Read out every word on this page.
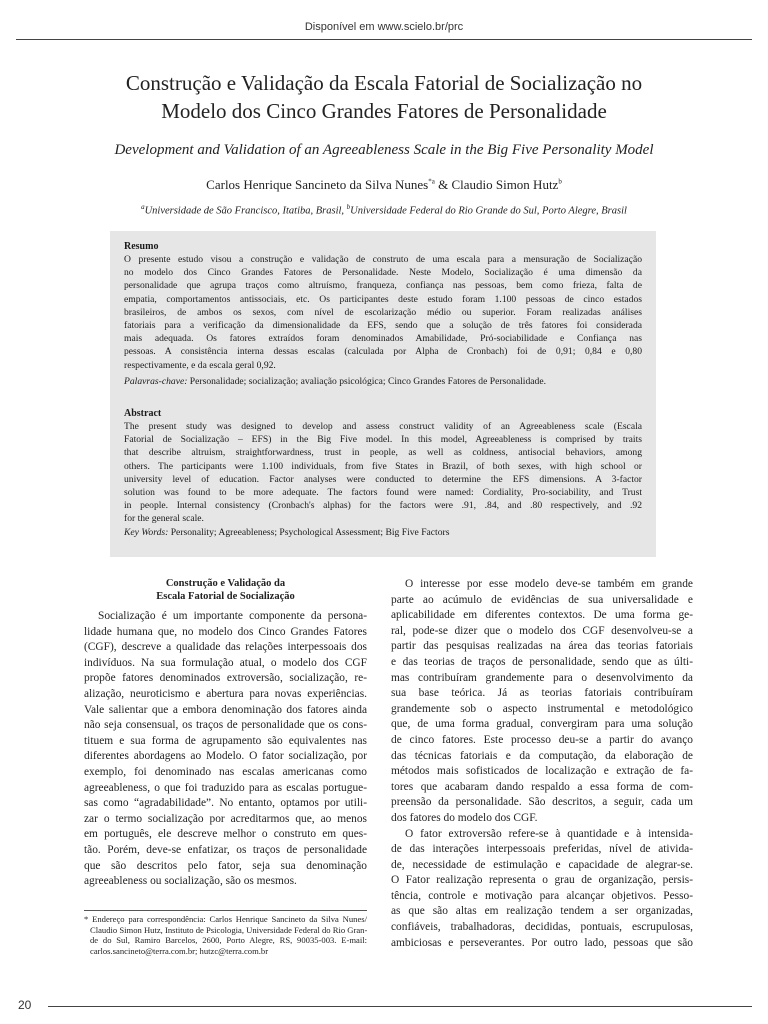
Disponível em www.scielo.br/prc
Construção e Validação da Escala Fatorial de Socialização no
Modelo dos Cinco Grandes Fatores de Personalidade
Development and Validation of an Agreeableness Scale in the Big Five Personality Model
Carlos Henrique Sancineto da Silva Nunes$^{*a}$ & Claudio Simon Hutz$^b$
$^a$Universidade de São Francisco, Itatiba, Brasil, $^b$Universidade Federal do Rio Grande do Sul, Porto Alegre, Brasil
Resumo
O presente estudo visou a construção e validação de construto de uma escala para a mensuração de Socialização
no modelo dos Cinco Grandes Fatores de Personalidade. Neste Modelo, Socialização é uma dimensão da
personalidade que agrupa traços como altruísmo, franqueza, confiança nas pessoas, bem como frieza, falta de
empatia, comportamentos antissociais, etc. Os participantes deste estudo foram 1.100 pessoas de cinco estados
brasileiros, de ambos os sexos, com nível de escolarização médio ou superior. Foram realizadas análises
fatoriais para a verificação da dimensionalidade da EFS, sendo que a solução de três fatores foi considerada
mais adequada. Os fatores extraídos foram denominados Amabilidade, Pró-sociabilidade e Confiança nas
pessoas. A consistência interna dessas escalas (calculada por Alpha de Cronbach) foi de 0,91; 0,84 e 0,80
respectivamente, e da escala geral 0,92.
Palavras-chave: Personalidade; socialização; avaliação psicológica; Cinco Grandes Fatores de Personalidade.
Abstract
The present study was designed to develop and assess construct validity of an Agreeableness scale (Escala
Fatorial de Socialização – EFS) in the Big Five model. In this model, Agreeableness is comprised by traits
that describe altruism, straightforwardness, trust in people, as well as coldness, antisocial behaviors, among
others. The participants were 1.100 individuals, from five States in Brazil, of both sexes, with high school or
university level of education. Factor analyses were conducted to determine the EFS dimensions. A 3-factor
solution was found to be more adequate. The factors found were named: Cordiality, Pro-sociability, and Trust
in people. Internal consistency (Cronbach's alphas) for the factors were .91, .84, and .80 respectively, and .92
for the general scale.
Key Words: Personality; Agreeableness; Psychological Assessment; Big Five Factors
Construção e Validação da
Escala Fatorial de Socialização
Socialização é um importante componente da persona-
lidade humana que, no modelo dos Cinco Grandes Fatores
(CGF), descreve a qualidade das relações interpessoais dos
indivíduos. Na sua formulação atual, o modelo dos CGF
propõe fatores denominados extroversão, socialização, re-
alização, neuroticismo e abertura para novas experiências.
Vale salientar que a embora denominação dos fatores ainda
não seja consensual, os traços de personalidade que os cons-
tituem e sua forma de agrupamento são equivalentes nas
diferentes abordagens ao Modelo. O fator socialização, por
exemplo, foi denominado nas escalas americanas como
agreeableness, o que foi traduzido para as escalas portugue-
sas como “agradabilidade”. No entanto, optamos por utili-
zar o termo socialização por acreditarmos que, ao menos
em português, ele descreve melhor o construto em ques-
tão. Porém, deve-se enfatizar, os traços de personalidade
que são descritos pelo fator, seja sua denominação
agreeableness ou socialização, são os mesmos.
* Endereço para correspondência: Carlos Henrique Sancineto da Silva Nunes/
Claudio Simon Hutz, Instituto de Psicologia, Universidade Federal do Rio Gran-
de do Sul, Ramiro Barcelos, 2600, Porto Alegre, RS, 90035-003. E-mail:
carlos.sancineto@terra.com.br; hutzc@terra.com.br
O interesse por esse modelo deve-se também em grande
parte ao acúmulo de evidências de sua universalidade e
aplicabilidade em diferentes contextos. De uma forma ge-
ral, pode-se dizer que o modelo dos CGF desenvolveu-se a
partir das pesquisas realizadas na área das teorias fatoriais
e das teorias de traços de personalidade, sendo que as últi-
mas contribuíram grandemente para o desenvolvimento da
sua base teórica. Já as teorias fatoriais contribuíram
grandemente sob o aspecto instrumental e metodológico
que, de uma forma gradual, convergiram para uma solução
de cinco fatores. Este processo deu-se a partir do avanço
das técnicas fatoriais e da computação, da elaboração de
métodos mais sofisticados de localização e extração de fa-
tores que acabaram dando respaldo a essa forma de com-
preensão da personalidade. São descritos, a seguir, cada um
dos fatores do modelo dos CGF.
O fator extroversão refere-se à quantidade e à intensida-
de das interações interpessoais preferidas, nível de ativida-
de, necessidade de estimulação e capacidade de alegrar-se.
O Fator realização representa o grau de organização, persis-
tência, controle e motivação para alcançar objetivos. Pesso-
as que são altas em realização tendem a ser organizadas,
confiáveis, trabalhadoras, decididas, pontuais, escrupulosas,
ambiciosas e perseverantes. Por outro lado, pessoas que são
20
